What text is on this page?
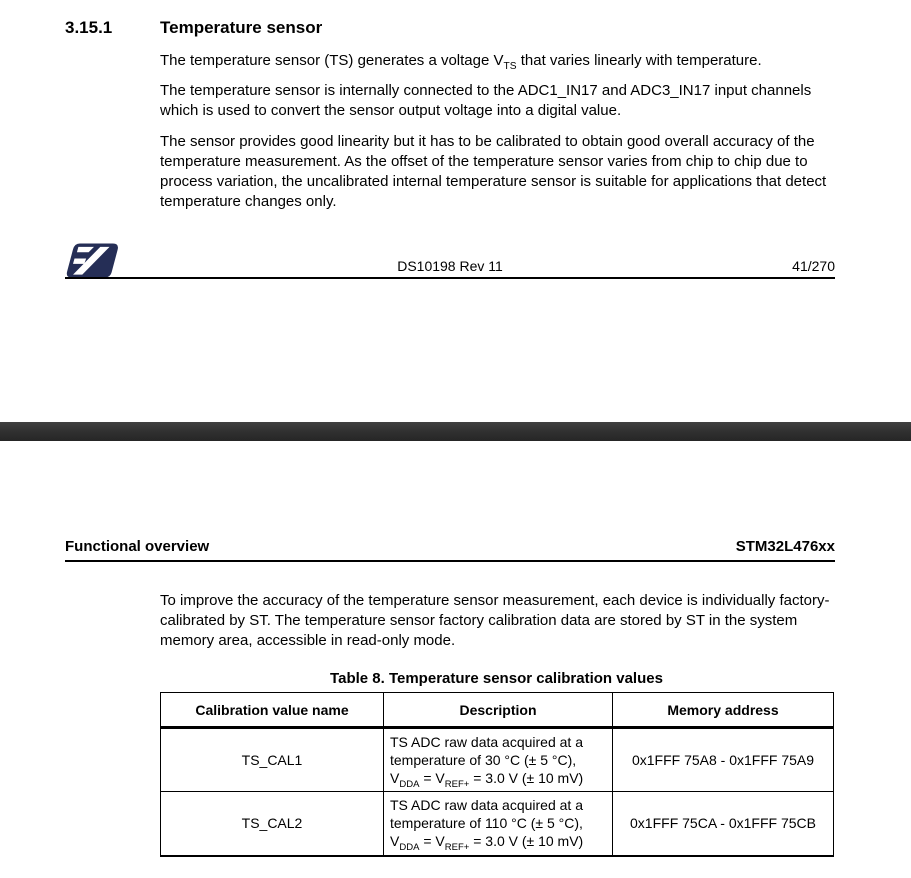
3.15.1	Temperature sensor

The temperature sensor (TS) generates a voltage $V_{TS}$ that varies linearly with temperature.

The temperature sensor is internally connected to the ADC1_IN17 and ADC3_IN17 input channels which is used to convert the sensor output voltage into a digital value.

The sensor provides good linearity but it has to be calibrated to obtain good overall accuracy of the temperature measurement. As the offset of the temperature sensor varies from chip to chip due to process variation, the uncalibrated internal temperature sensor is suitable for applications that detect temperature changes only.

DS10198 Rev 11	41/270
Functional overview	STM32L476xx

To improve the accuracy of the temperature sensor measurement, each device is individually factory-calibrated by ST. The temperature sensor factory calibration data are stored by ST in the system memory area, accessible in read-only mode.

Table 8. Temperature sensor calibration values
Calibration value name	Description	Memory address
TS_CAL1	TS ADC raw data acquired at a temperature of 30 °C (± 5 °C), $V_{DDA} = V_{REF+} = 3.0$ V (± 10 mV)	0x1FFF 75A8 - 0x1FFF 75A9
TS_CAL2	TS ADC raw data acquired at a temperature of 110 °C (± 5 °C), $V_{DDA} = V_{REF+} = 3.0$ V (± 10 mV)	0x1FFF 75CA - 0x1FFF 75CB
